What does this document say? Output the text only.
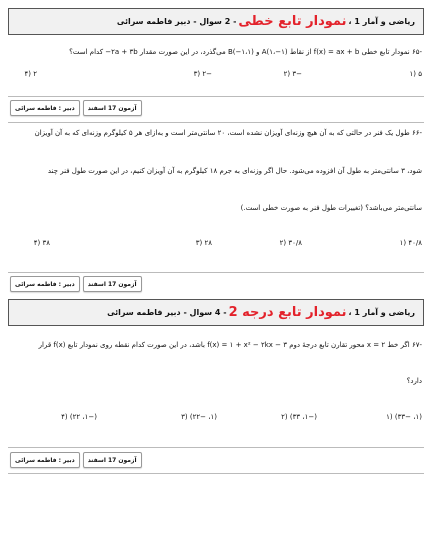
ریاضی و آمار 1 ،
نمودار تابع خطی
- 2 سوال - دبیر فاطمه سرائی
-۶۵ نمودار تابع خطی f(x) = ax + b از نقاط A(۱،−۱) و B(−۱،۱) می‌گذرد، در این صورت مقدار ۲a + ۳b− کدام است؟
۵ (۱
−۳ (۲
−۲ (۳
۲ (۴
آزمون 17 اسفند
دبیر : فاطمه سرائی
-۶۶ طول یک فنر در حالتی که به آن هیچ وزنه‌ای آویزان نشده است، ۲۰ سانتی‌متر است و به‌ازای هر ۵ کیلوگرم وزنه‌ای که به آن آویزان
شود، ۳ سانتی‌متر به طول آن افزوده می‌شود. حال اگر وزنه‌ای به جرم ۱۸ کیلوگرم به آن آویزان کنیم، در این صورت طول فنر چند
سانتی‌متر می‌باشد؟ (تغییرات طول فنر به صورت خطی است.)
۴۰/۸ (۱
۳۰/۸ (۲
۲۸ (۳
۳۸ (۴
آزمون 17 اسفند
دبیر : فاطمه سرائی
ریاضی و آمار 1 ،
نمودار تابع درجه 2
- 4 سوال - دبیر فاطمه سرائی
-۶۷ اگر خط x = ۲ محور تقارن تابع درجهٔ دوم f(x) = ۱ + x² − ۲kx − ۳ باشد، در این صورت کدام نقطه روی نمودار تابع f(x) قرار
دارد؟
(۱، −۳۳) (۱
(−۱، ۳۳) (۲
(۱، −۲۲) (۳
(−۱، ۲۲) (۴
آزمون 17 اسفند
دبیر : فاطمه سرائی
